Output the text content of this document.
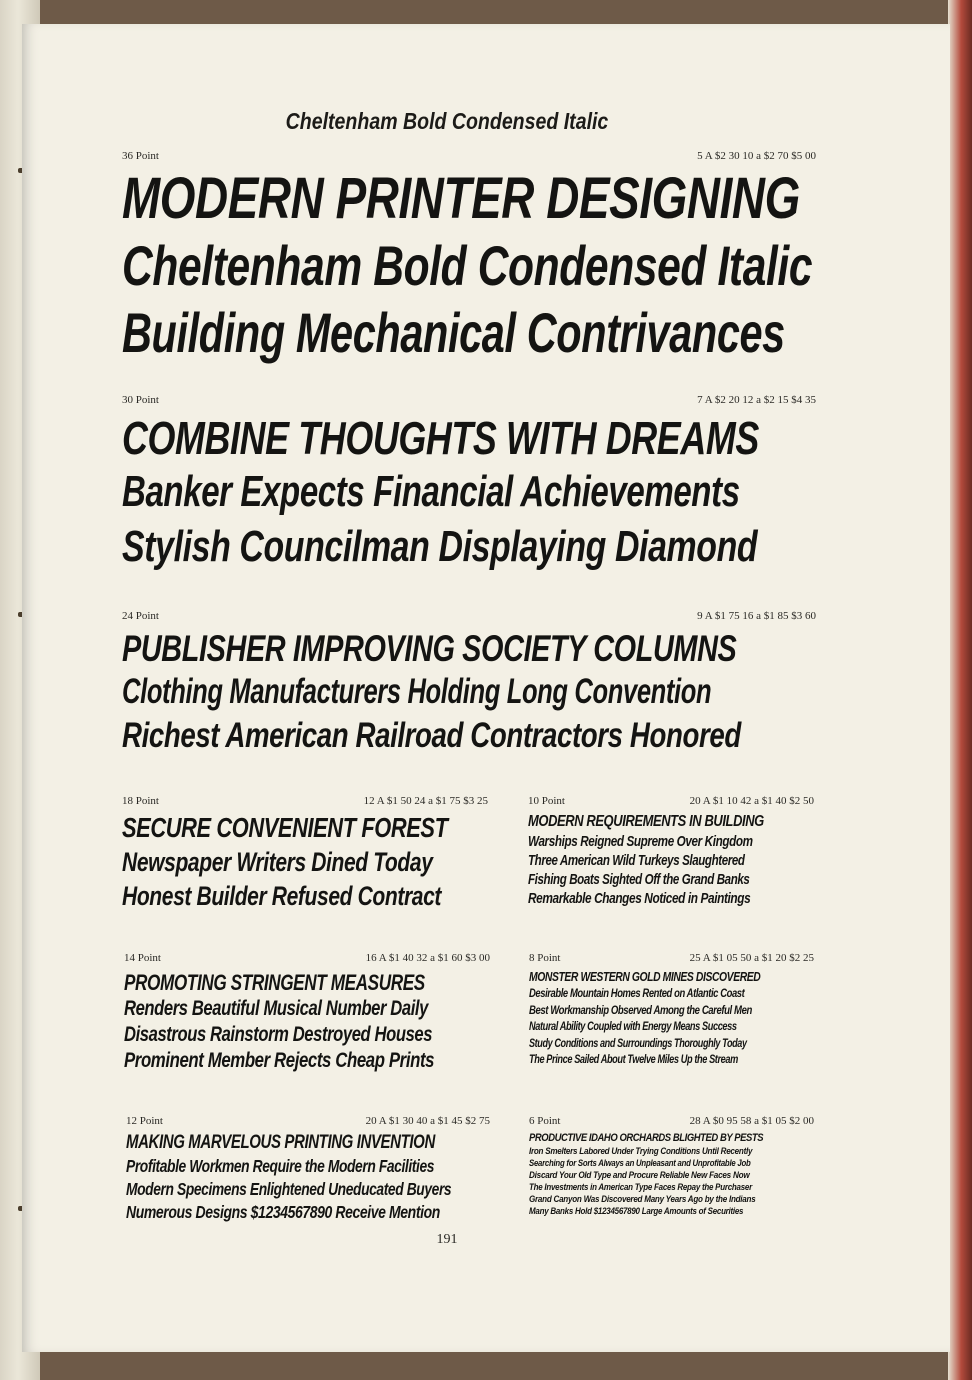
Cheltenham Bold Condensed Italic
36 Point	5 A $2 30 10 a $2 70 $5 00
MODERN PRINTER DESIGNING
Cheltenham Bold Condensed Italic
Building Mechanical Contrivances
30 Point	7 A $2 20 12 a $2 15 $4 35
COMBINE THOUGHTS WITH DREAMS
Banker Expects Financial Achievements
Stylish Councilman Displaying Diamond
24 Point	9 A $1 75 16 a $1 85 $3 60
PUBLISHER IMPROVING SOCIETY COLUMNS
Clothing Manufacturers Holding Long Convention
Richest American Railroad Contractors Honored
18 Point	12 A $1 50 24 a $1 75 $3 25
SECURE CONVENIENT FOREST
Newspaper Writers Dined Today
Honest Builder Refused Contract
10 Point	20 A $1 10 42 a $1 40 $2 50
MODERN REQUIREMENTS IN BUILDING
Warships Reigned Supreme Over Kingdom
Three American Wild Turkeys Slaughtered
Fishing Boats Sighted Off the Grand Banks
Remarkable Changes Noticed in Paintings
14 Point	16 A $1 40 32 a $1 60 $3 00
PROMOTING STRINGENT MEASURES
Renders Beautiful Musical Number Daily
Disastrous Rainstorm Destroyed Houses
Prominent Member Rejects Cheap Prints
8 Point	25 A $1 05 50 a $1 20 $2 25
MONSTER WESTERN GOLD MINES DISCOVERED
Desirable Mountain Homes Rented on Atlantic Coast
Best Workmanship Observed Among the Careful Men
Natural Ability Coupled with Energy Means Success
Study Conditions and Surroundings Thoroughly Today
The Prince Sailed About Twelve Miles Up the Stream
12 Point	20 A $1 30 40 a $1 45 $2 75
MAKING MARVELOUS PRINTING INVENTION
Profitable Workmen Require the Modern Facilities
Modern Specimens Enlightened Uneducated Buyers
Numerous Designs $1234567890 Receive Mention
6 Point	28 A $0 95 58 a $1 05 $2 00
PRODUCTIVE IDAHO ORCHARDS BLIGHTED BY PESTS
Iron Smelters Labored Under Trying Conditions Until Recently
Searching for Sorts Always an Unpleasant and Unprofitable Job
Discard Your Old Type and Procure Reliable New Faces Now
The Investments in American Type Faces Repay the Purchaser
Grand Canyon Was Discovered Many Years Ago by the Indians
Many Banks Hold $1234567890 Large Amounts of Securities
191
